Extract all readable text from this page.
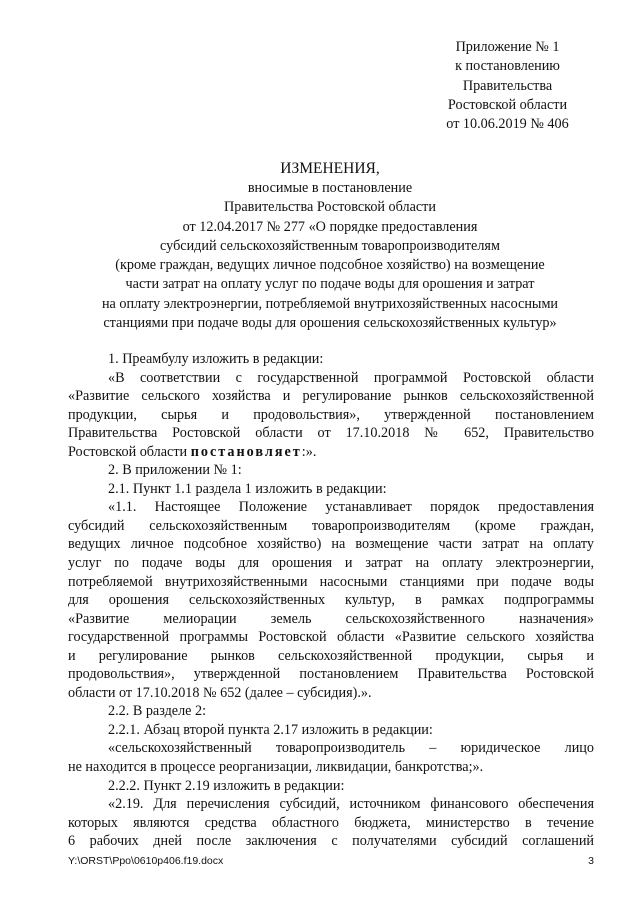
Приложение № 1
к постановлению
Правительства
Ростовской области
от 10.06.2019 № 406
ИЗМЕНЕНИЯ,
вносимые в постановление
Правительства Ростовской области
от 12.04.2017 № 277 «О порядке предоставления
субсидий сельскохозяйственным товаропроизводителям
(кроме граждан, ведущих личное подсобное хозяйство) на возмещение
части затрат на оплату услуг по подаче воды для орошения и затрат
на оплату электроэнергии, потребляемой внутрихозяйственных насосными
станциями при подаче воды для орошения сельскохозяйственных культур»

1. Преамбулу изложить в редакции:

«В соответствии с государственной программой Ростовской области

«Развитие сельского хозяйства и регулирование рынков сельскохозяйственной

продукции, сырья и продовольствия», утвержденной постановлением

Правительства Ростовской области от 17.10.2018 № 652, Правительство

Ростовской области постановляет:».

2. В приложении № 1:

2.1. Пункт 1.1 раздела 1 изложить в редакции:

«1.1. Настоящее Положение устанавливает порядок предоставления

субсидий сельскохозяйственным товаропроизводителям (кроме граждан,

ведущих личное подсобное хозяйство) на возмещение части затрат на оплату

услуг по подаче воды для орошения и затрат на оплату электроэнергии,

потребляемой внутрихозяйственными насосными станциями при подаче воды

для орошения сельскохозяйственных культур, в рамках подпрограммы

«Развитие мелиорации земель сельскохозяйственного назначения»

государственной программы Ростовской области «Развитие сельского хозяйства

и регулирование рынков сельскохозяйственной продукции, сырья и

продовольствия», утвержденной постановлением Правительства Ростовской

области от 17.10.2018 № 652 (далее – субсидия).».

2.2. В разделе 2:

2.2.1. Абзац второй пункта 2.17 изложить в редакции:

«сельскохозяйственный товаропроизводитель – юридическое лицо

не находится в процессе реорганизации, ликвидации, банкротства;».

2.2.2. Пункт 2.19 изложить в редакции:

«2.19. Для перечисления субсидий, источником финансового обеспечения

которых являются средства областного бюджета, министерство в течение

6 рабочих дней после заключения с получателями субсидий соглашений

Y:\ORST\Ppo\0610p406.f19.docx	3
